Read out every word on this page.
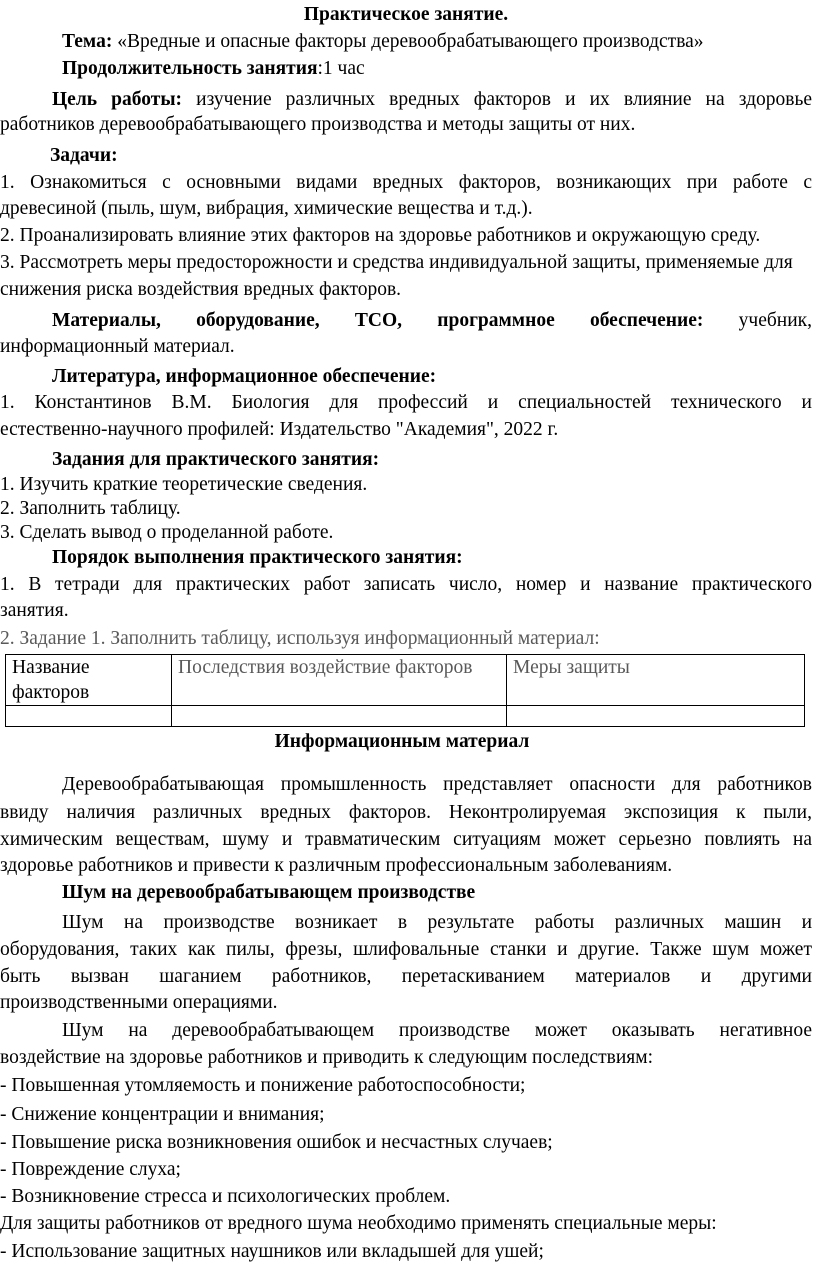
Практическое занятие.
Тема: «Вредные и опасные факторы деревообрабатывающего производства»
Продолжительность занятия:1 час
Цель работы: изучение различных вредных факторов и их влияние на здоровье
работников деревообрабатывающего производства и методы защиты от них.
Задачи:
1. Ознакомиться с основными видами вредных факторов, возникающих при работе с
древесиной (пыль, шум, вибрация, химические вещества и т.д.).
2. Проанализировать влияние этих факторов на здоровье работников и окружающую среду.
3. Рассмотреть меры предосторожности и средства индивидуальной защиты, применяемые для
снижения риска воздействия вредных факторов.
Материалы, оборудование, ТСО, программное обеспечение: учебник,
информационный материал.
Литература, информационное обеспечение:
1. Константинов В.М. Биология для профессий и специальностей технического и
естественно-научного профилей: Издательство "Академия", 2022 г.
Задания для практического занятия:
1. Изучить краткие теоретические сведения.
2. Заполнить таблицу.
3. Сделать вывод о проделанной работе.
Порядок выполнения практического занятия:
1. В тетради для практических работ записать число, номер и название практического
занятия.
2. Задание 1. Заполнить таблицу, используя информационный материал:
Название
факторов	Последствия воздействие факторов	Меры защиты

Информационным материал
Деревообрабатывающая промышленность представляет опасности для работников
ввиду наличия различных вредных факторов. Неконтролируемая экспозиция к пыли,
химическим веществам, шуму и травматическим ситуациям может серьезно повлиять на
здоровье работников и привести к различным профессиональным заболеваниям.
Шум на деревообрабатывающем производстве
Шум на производстве возникает в результате работы различных машин и
оборудования, таких как пилы, фрезы, шлифовальные станки и другие. Также шум может
быть вызван шаганием работников, перетаскиванием материалов и другими
производственными операциями.
Шум на деревообрабатывающем производстве может оказывать негативное
воздействие на здоровье работников и приводить к следующим последствиям:
- Повышенная утомляемость и понижение работоспособности;
- Снижение концентрации и внимания;
- Повышение риска возникновения ошибок и несчастных случаев;
- Повреждение слуха;
- Возникновение стресса и психологических проблем.
Для защиты работников от вредного шума необходимо применять специальные меры:
- Использование защитных наушников или вкладышей для ушей;
